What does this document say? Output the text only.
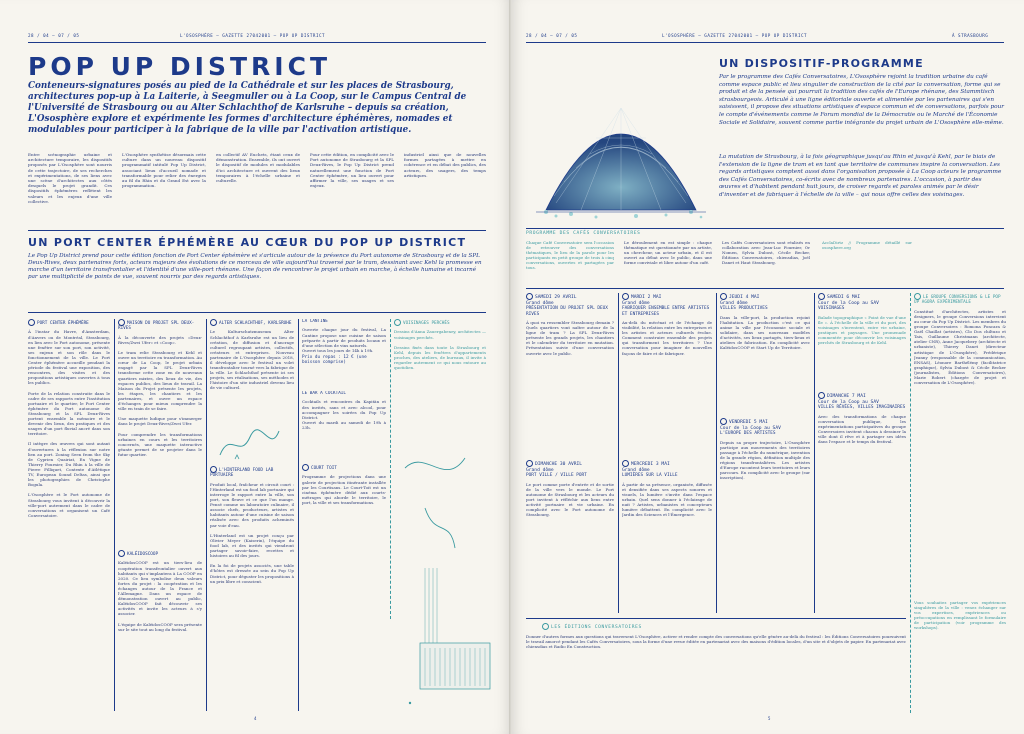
28 / 04 — 07 / 05	L'OSOSPHÈRE — GAZETTE 27042001 — POP UP DISTRICT
POP UP DISTRICT
Conteneurs-signatures posés au pied de la Cathédrale et sur les places de Strasbourg, architectures pop-up à La Laiterie, à Seegmuller ou à La Coop, sur le Campus Central de l'Université de Strasbourg ou au Alter Schlachthof de Karlsruhe – depuis sa création, L'Ososphère explore et expérimente les formes d'architecture éphémères, nomades et modulables pour participer à la fabrique de la ville par l'activation artistique.
Entre scénographie urbaine et architecture temporaire, les dispositifs proposés par L'Ososphère sont nourris de cette trajectoire, de ses recherches et expérimentations, de ses liens avec une scène d'architectes aux côtés desquels le projet grandit. Ces dispositifs éphémères reflètent les valeurs et les enjeux d'une ville collective.
L'Ososphère synthétise désormais cette culture dans un nouveau dispositif programmatif intitulé Pop Up District, associant lieux d'accueil nomade et transformable pour relier des énergies au fil du Rhin et du Grand Est avec la programmation.
en collectif AV Euchets, étant ceux de démonstration. Ensemble, ils ont ouvert le dispositif de modules et modulables d'ici architecture et ouvrent des lieux temporaires à l'échelle urbaine et culturelle.
Pour cette édition, en complicité avec le Port autonome de Strasbourg et la SPL Deux-Rives, le Pop Up District prend naturellement une fonction de Port Center éphémère, un lieu ouvert pour affirmer la ville, ses usages et ses enjeux.
industriel ainsi que de nouvelles formes partagées à mettre en cohérence et en débat des publics, des acteurs, des usagers, des temps artistiques.
UN PORT CENTER ÉPHÉMÈRE AU CŒUR DU POP UP DISTRICT
Le Pop Up District prend pour cette édition fonction de Port Center éphémère et s'articule autour de la présence du Port autonome de Strasbourg et de la SPL Deux-Rives, deux partenaires forts, acteurs majeurs des évolutions de ce morceau de ville aujourd'hui traversé par le tram, dessinant avec Kehl la promesse en marche d'un territoire transfrontalier et l'identité d'une ville-port rhénane. Une façon de rencontrer le projet urbain en marche, à échelle humaine et incarné par une multiplicité de points de vue, souvent nourris par des regards artistiques.
PORT CENTER ÉPHÉMÈRE
À l'instar du Havre, d'Amsterdam, d'Anvers ou de Montréal, Strasbourg, en lien avec le Port autonome, présente une fenêtre sur son port, son activité, ses enjeux et son rôle dans le fonctionnement de la ville. Le Port Center éphémère accueille pendant la période du festival une exposition, des rencontres, des visites et des propositions artistiques ouvertes à tous les publics.

Porte de la relation construite dans le cadre de ses rapports entre l'institution portuaire et le quartier, le Port Center éphémère du Port autonome de Strasbourg et la SPL Deux-Rives portent ensemble la mémoire et le devenir des lieux, des pratiques et des usages d'un port fluvial ancré dans son territoire.

Il intègre des œuvres qui sont autant d'ouvertures à la réflexion sur notre lien au port. Zoning Seen from the Sky de Cyprien Quairiat, En Vigne de Thierry Fournier, Du Rhin à la ville de Pierre Filliquet, Contexte d'Atlétique TV, European Sound Deltas, ainsi que les photographies de Christophe Bogula.

L'Ososphère et le Port autonome de Strasbourg vous invitent à découvrir la ville-port autrement dans le cadre de conversations et organisent un Café Conversatoire.
MAISON DU PROJET SPL DEUX-RIVES
À la découverte des projets «Deux-Rives/Zwei Ufer» et «Coop».

Le tram relie Strasbourg et Kehl et ouvre un territoire en transformation. Au cœur de La Coop, le projet urbain engagé par la SPL Deux-Rives transforme cette zone en de nouveaux quartiers mixtes, des lieux de vie, des espaces publics, des lieux de travail. La Maison du Projet présente les projets, les étapes, les chantiers et les partenaires, et ouvre un espace d'échanges pour mieux comprendre la ville en train de se faire.

Une maquette ludique pour s'immerger dans le projet Deux-Rives/Zwei Ufer.

Pour comprendre les transformations urbaines en cours et les territoires concernés, une maquette interactive géante permet de se projeter dans le futur quartier.
KALÉIDOSCOOP
KaléidosCOOP est un tiers-lieu de coopération transfrontalier ouvert aux habitants qui s'implantera à La COOP en 2020. Ce lieu symbolise deux valeurs fortes du projet : la coopération et les échanges autour de la France et l'Allemagne. Dans un espace de démonstration ouvert au public, KaléidosCOOP fait découvrir ses activités et invite les acteurs à s'y associer.

L'équipe de KaléidosCOOP sera présente sur le site tout au long du festival.
ALTER SCHLACHTHOF, KARLSRUHE
Le Kulturschutzmuseum Alter Schlachthof à Karlsruhe est un lieu de création, de diffusion et d'ancrage culturel regroupant artistes, collectifs, créateurs et entreprises. Nouveau partenaire de L'Ososphère depuis 2018, il développe avec le festival un volet transfrontalier tourné vers la fabrique de la ville. Le Schlachthof présente ici ses projets, ses réalisations, ses méthodes et l'histoire d'un site industriel devenu lieu de vie culturel.
L'HINTERLAND FOOD LAB PORTUAIRE
Produit local, fraîcheur et circuit court : l'Hinterland est un food lab portuaire qui interroge le rapport entre la ville, son port, son fleuve et ce que l'on mange. Pensé comme un laboratoire culinaire, il associe chefs, producteurs, artistes et habitants autour d'une cuisine de saison réalisée avec des produits acheminés par voie d'eau.

L'Hinterland est un projet conçu par Olivier Meyer (Kaiserin), l'équipe du food lab, et des invités qui viendront partager savoir-faire, recettes et histoires au fil des jours.

En la foi de projets associés, une table d'hôtes est dressée au sein du Pop Up District, pour déguster les propositions à un prix libre et conscient.
LA CANTINE
Ouverte chaque jour du festival, La Cantine propose une cuisine de saison préparée à partir de produits locaux et d'une sélection de vins naturels.
Ouvert tous les jours de 14h à 19h.
Prix du repas : 12 € (une boisson comprise)
LE BAR À COCKTAIL
Cocktails et rencontres du Kapitän et des invités, sans et avec alcool, pour accompagner les soirées du Pop Up District.
Ouvert du mardi au samedi de 19h à 23h.
COURT TOIT
Programme de projections dans une galerie de projection itinérante installée par les Courtisans. Le Court-Toit est un cinéma éphémère dédié aux courts-métrages qui aborde le territoire, le port, la ville et ses transformations.
VOISINAGES PERCHÉS
Dessins d'Anna Zauergabeney, architectes — voisinages perchés.

Dessins fixés dans toute la Strasbourg et Kehl, depuis les fenêtres d'appartements proches, des ateliers, de bureaux, il invite à regarder autrement ce qui nous entoure au quotidien.
4
28 / 04 — 07 / 05	L'OSOSPHÈRE — GAZETTE 27042001 — POP UP DISTRICT	À STRASBOURG
UN DISPOSITIF-PROGRAMME
Par le programme des Cafés Conversatoires, L'Ososphère rejoint la tradition urbaine du café comme espace public et lieu singulier de construction de la cité par la conversation, forme qui se produit et de la pensée qui pourrait la tradition des cafés de l'Europe rhénane, des Stammtisch strasbourgeois. Articulé à une ligne éditoriale ouverte et alimentée par les partenaires qui s'en saisissent, il propose des situations artistiques d'espace commun et de conversations, parfois pour le compte d'événements comme le Forum mondial de la Démocratie ou le Marché de l'Économie Sociale et Solidaire, souvent comme partie intégrante du projet urbain de L'Ososphère elle-même.
La mutation de Strasbourg, à la fois géographique jusqu'au Rhin et jusqu'à Kehl, par le biais de l'extension de la ligne de tram et en tant que territoire de communes inspire la conversation. Les regards artistiques comptent aussi dans l'organisation proposée à La Coop acteurs le programme des Cafés Conversatoires, co-écrits avec de nombreux partenaires. L'occasion, à partir des œuvres et d'habitent pendant huit jours, de croiser regards et paroles animés par le désir d'inventer et de fabriquer à l'échelle de la ville – qui nous offre celles des voisinages.
PROGRAMME DES CAFÉS CONVERSATOIRES
Chaque Café Conversatoire sera l'occasion de retrouver des conversations thématiques, le lieu de la parole pour les participants en petit groupe de trois à cinq conversations, ouvertes et partagées par tous.
Le déroulement en est simple : chaque thématique est questionnée par un artiste, un chercheur, un acteur urbain, et il est ouvert au débat avec le public, dans une forme conviviale et libre autour d'un café.
Les Cafés Conversatoires sont réalisés en collaboration avec Jean-Luc Fournier, Or Nomen, Sylvia Dubost, Cécile Becker, Éditions Conversatoires, chiensdias, Joël Danet et Haut Strasbourg.
AcclaDirtz // Programme détaillé sur ososphere.org
SAMEDI 29 AVRIL
Grand dôme
PRÉSENTATION DU PROJET SPL DEUX RIVES
À quoi va ressembler Strasbourg demain ? Quels quartiers vont naître autour de la ligne de tram ? La SPL Deux-Rives présente les grands projets, les chantiers et le calendrier du territoire en mutation. Présentation suivie d'une conversation ouverte avec le public.
DIMANCHE 30 AVRIL
Grand dôme
PORT VILLE / VILLE PORT
Le port comme porte d'entrée et de sortie de la ville vers le monde. Le Port autonome de Strasbourg et les acteurs du port invitent à réfléchir aux liens entre activité portuaire et vie urbaine. En complicité avec le Port autonome de Strasbourg.
MARDI 2 MAI
Grand dôme
FABRIQUER ENSEMBLE ENTRE ARTISTES ET ENTREPRISES
Au-delà du mécénat et de l'échange de visibilité, la relation entre les entreprises et les artistes et acteurs culturels évolue. Comment construire ensemble des projets qui transforment les territoires ? Une conversation pour imaginer de nouvelles façons de faire et de fabriquer.
MERCREDI 3 MAI
Grand dôme
LUMIÈRES SUR LA VILLE
À partir de sa présence, organisée, diffusée et densifiée dans ses aspects sonores et visuels, la lumière s'invite dans l'espace urbain. Quel sens donner à l'éclairage de nuit ? Artistes, urbanistes et concepteurs lumière débattent. En complicité avec le Jardin des Sciences et l'Émergence.
JEUDI 4 MAI
Grand dôme
VILLES PRODUCTIVES
Dans la ville-port, la production rejoint l'habitation. La production c'est ce qui anime la ville par l'économie sociale et solidaire, dans ses nouveaux modèles d'activités, ses lieux partagés, tiers-lieux et ateliers de fabrication. En complicité avec KaléidosCOOP et Start Up de Territoire.
VENDREDI 5 MAI
Cour de la Coop au SAV
L'EUROPE DES ARTISTES
Depuis sa propre trajectoire, L'Ososphère participe aux mouvements des territoires passage à l'échelle du numérique, invention de la grande région, définition multiple des régions transfrontalières. Les artistes d'Europe racontent leurs territoires et leurs parcours. En complicité avec le groupe (sur inscription).
SAMEDI 6 MAI
Cour de la Coop au SAV
VOISINAGES
Balade topographique « Point de vue d'une île ». À l'échelle de la ville et du port, des voisinages s'inventent, entre vie urbaine, pratiques et paysages. Une promenade commentée pour découvrir les voisinages perchés de Strasbourg et de Kehl.
DIMANCHE 7 MAI
Cour de la Coop au SAV
VILLES RÊVÉES, VILLES IMAGINAIRES
Avec des transformations de chaque conversation publique, les expérimentations participatives du groupe Conversoires invitent chacun à dessiner la ville dont il rêve et à partager ses idées dans l'espace et le temps du festival.
LE GROUPE CONVERSIONS & LE POP UP AGORA EXPÉRIMENTALE
Constitué d'architectes, artistes et designers, le groupe Conversions intervient au cœur du Pop Up District. Les membres du groupe Conversoires : Romona Poncara & Gaël Chaillat (artistes), Clo Dos chiltuzo et Tais, Guillaume Christmann (architecte, atelier CNR), Anne Jacquebery (architecte et urbaniste), Thierry Danet (directeur artistique de L'Ososphère), Frédérique Jeanny (responsable de la communication, ENSAS), Léonore Barthélémy (facilitatrice graphique), Sylvia Dubost & Cécile Becker (journalistes, Éditions Conversatoires), Marie Robert (chargée de projet et conversation de L'Ososphère).
Vous souhaitez partager vos expériences singulières de la ville : venez échanger sur vos expertises, expériences ou préoccupations en remplissant le formulaire de participation (voir programme des workshops).
LES ÉDITIONS CONVERSATOIRES
Donner d'autres formes aux questions qui traversent L'Ososphère, activer et rendre compte des conversations qu'elle génère au-delà du festival : les Éditions Conversatoires poursuivent le travail amorcé pendant les Cafés Conversatoires, sous la forme d'une revue éditée en partenariat avec des maisons d'édition locales, d'un site et d'objets de papier. En partenariat avec chiensdias et Radio En Construction.
5
